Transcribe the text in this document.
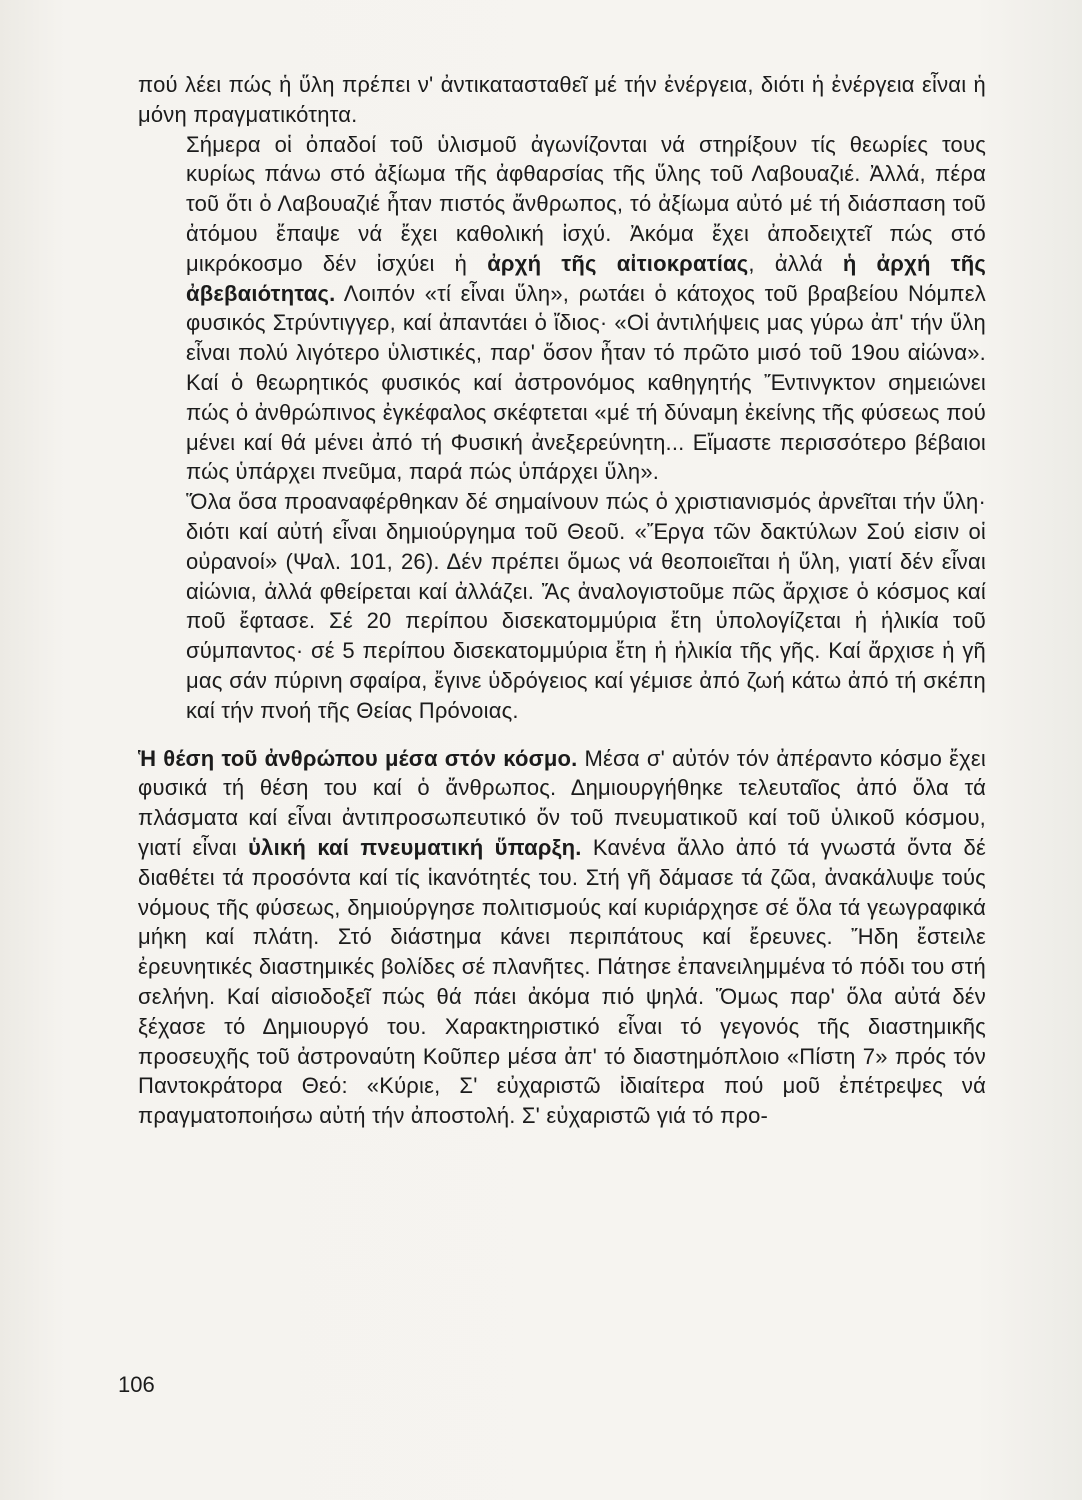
πού λέει πώς ἡ ὕλη πρέπει ν' ἀντικατασταθεῖ μέ τήν ἐνέργεια, διότι ἡ ἐνέργεια εἶναι ἡ μόνη πραγματικότητα.

Σήμερα οἱ ὀπαδοί τοῦ ὑλισμοῦ ἀγωνίζονται νά στηρίξουν τίς θεωρίες τους κυρίως πάνω στό ἀξίωμα τῆς ἀφθαρσίας τῆς ὕλης τοῦ Λαβουαζιέ. Ἀλλά, πέρα τοῦ ὅτι ὁ Λαβουαζιέ ἦταν πιστός ἄνθρωπος, τό ἀξίωμα αὐτό μέ τή διάσπαση τοῦ ἀτόμου ἔπαψε νά ἔχει καθολική ἰσχύ. Ἀκόμα ἔχει ἀποδειχτεῖ πώς στό μικρόκοσμο δέν ἰσχύει ἡ ἀρχή τῆς αἰτιοκρατίας, ἀλλά ἡ ἀρχή τῆς ἀβεβαιότητας. Λοιπόν «τί εἶναι ὕλη», ρωτάει ὁ κάτοχος τοῦ βραβείου Νόμπελ φυσικός Στρύντιγγερ, καί ἀπαντάει ὁ ἴδιος· «Οἱ ἀντιλήψεις μας γύρω ἀπ' τήν ὕλη εἶναι πολύ λιγότερο ὑλιστικές, παρ' ὅσον ἦταν τό πρῶτο μισό τοῦ 19ου αἰώνα». Καί ὁ θεωρητικός φυσικός καί ἀστρονόμος καθηγητής Ἔντινγκτον σημειώνει πώς ὁ ἀνθρώπινος ἐγκέφαλος σκέφτεται «μέ τή δύναμη ἐκείνης τῆς φύσεως πού μένει καί θά μένει ἀπό τή Φυσική ἀνεξερεύνητη... Εἴμαστε περισσότερο βέβαιοι πώς ὑπάρχει πνεῦμα, παρά πώς ὑπάρχει ὕλη».

Ὅλα ὅσα προαναφέρθηκαν δέ σημαίνουν πώς ὁ χριστιανισμός ἀρνεῖται τήν ὕλη· διότι καί αὐτή εἶναι δημιούργημα τοῦ Θεοῦ. «Ἔργα τῶν δακτύλων Σού εἰσιν οἱ οὐρανοί» (Ψαλ. 101, 26). Δέν πρέπει ὅμως νά θεοποιεῖται ἡ ὕλη, γιατί δέν εἶναι αἰώνια, ἀλλά φθείρεται καί ἀλλάζει. Ἄς ἀναλογιστοῦμε πῶς ἄρχισε ὁ κόσμος καί ποῦ ἔφτασε. Σέ 20 περίπου δισεκατομμύρια ἔτη ὑπολογίζεται ἡ ἡλικία τοῦ σύμπαντος· σέ 5 περίπου δισεκατομμύρια ἔτη ἡ ἡλικία τῆς γῆς. Καί ἄρχισε ἡ γῆ μας σάν πύρινη σφαίρα, ἔγινε ὑδρόγειος καί γέμισε ἀπό ζωή κάτω ἀπό τή σκέπη καί τήν πνοή τῆς Θείας Πρόνοιας.

Ἡ θέση τοῦ ἀνθρώπου μέσα στόν κόσμο. Μέσα σ' αὐτόν τόν ἀπέραντο κόσμο ἔχει φυσικά τή θέση του καί ὁ ἄνθρωπος. Δημιουργήθηκε τελευταῖος ἀπό ὅλα τά πλάσματα καί εἶναι ἀντιπροσωπευτικό ὄν τοῦ πνευματικοῦ καί τοῦ ὑλικοῦ κόσμου, γιατί εἶναι ὑλική καί πνευματική ὕπαρξη. Κανένα ἄλλο ἀπό τά γνωστά ὄντα δέ διαθέτει τά προσόντα καί τίς ἱκανότητές του. Στή γῆ δάμασε τά ζῶα, ἀνακάλυψε τούς νόμους τῆς φύσεως, δημιούργησε πολιτισμούς καί κυριάρχησε σέ ὅλα τά γεωγραφικά μήκη καί πλάτη. Στό διάστημα κάνει περιπάτους καί ἔρευνες. Ἤδη ἔστειλε ἐρευνητικές διαστημικές βολίδες σέ πλανῆτες. Πάτησε ἐπανειλημμένα τό πόδι του στή σελήνη. Καί αἰσιοδοξεῖ πώς θά πάει ἀκόμα πιό ψηλά. Ὅμως παρ' ὅλα αὐτά δέν ξέχασε τό Δημιουργό του. Χαρακτηριστικό εἶναι τό γεγονός τῆς διαστημικῆς προσευχῆς τοῦ ἀστροναύτη Κοῦπερ μέσα ἀπ' τό διαστημόπλοιο «Πίστη 7» πρός τόν Παντοκράτορα Θεό: «Κύριε, Σ' εὐχαριστῶ ἰδιαίτερα πού μοῦ ἐπέτρεψες νά πραγματοποιήσω αὐτή τήν ἀποστολή. Σ' εὐχαριστῶ γιά τό προ-

106
